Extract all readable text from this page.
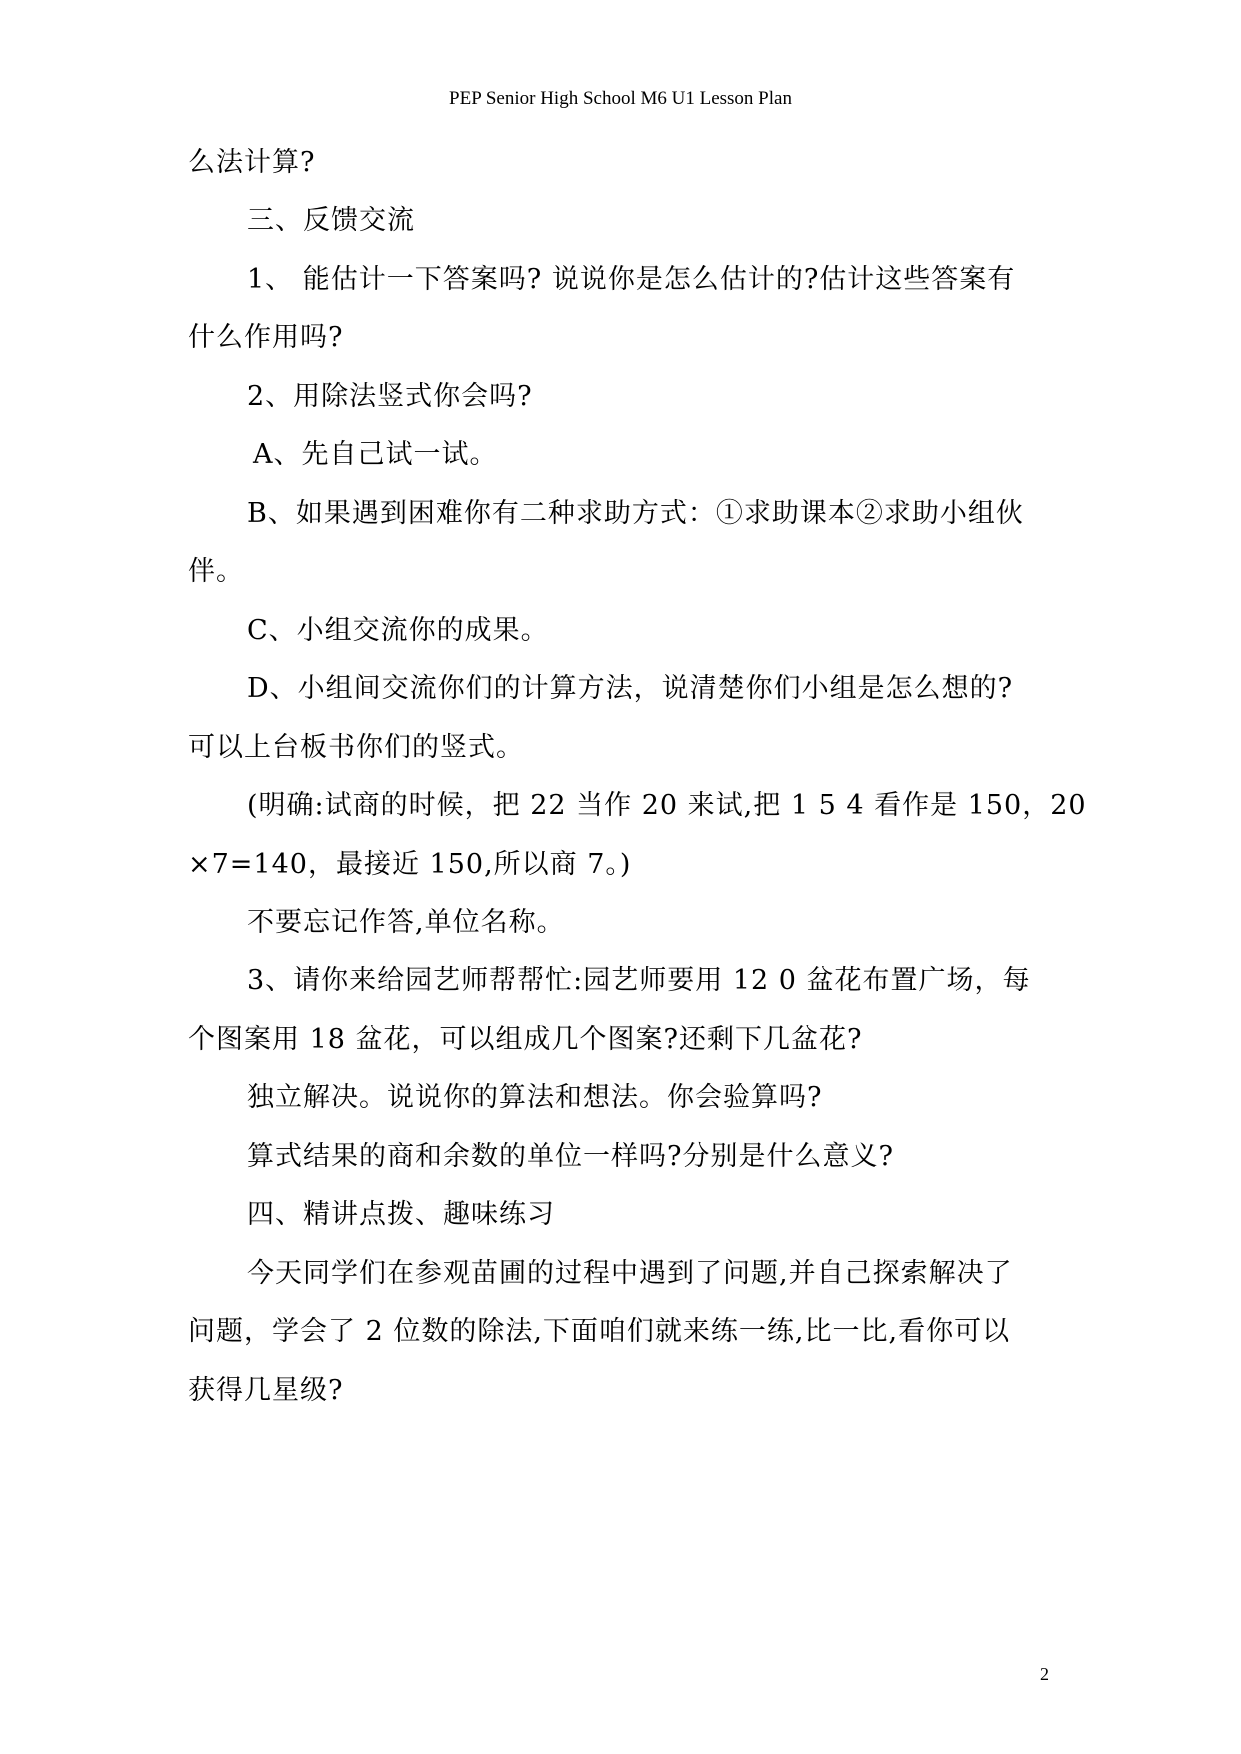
PEP Senior High School M6 U1 Lesson Plan
么法计算?
三、反馈交流
1、 能估计一下答案吗? 说说你是怎么估计的?估计这些答案有
什么作用吗?
2、用除法竖式你会吗?
A、先自己试一试。
B、如果遇到困难你有二种求助方式：①求助课本②求助小组伙
伴。
C、小组交流你的成果。
D、小组间交流你们的计算方法，说清楚你们小组是怎么想的?
可以上台板书你们的竖式。
(明确:试商的时候，把 22 当作 20 来试,把 1 5 4 看作是 150，20
×7=140，最接近 150,所以商 7。)
不要忘记作答,单位名称。
3、请你来给园艺师帮帮忙:园艺师要用 12 0 盆花布置广场，每
个图案用 18 盆花，可以组成几个图案?还剩下几盆花?
独立解决。说说你的算法和想法。你会验算吗?
算式结果的商和余数的单位一样吗?分别是什么意义?
四、精讲点拨、趣味练习
今天同学们在参观苗圃的过程中遇到了问题,并自己探索解决了
问题，学会了 2 位数的除法,下面咱们就来练一练,比一比,看你可以
获得几星级?
2
